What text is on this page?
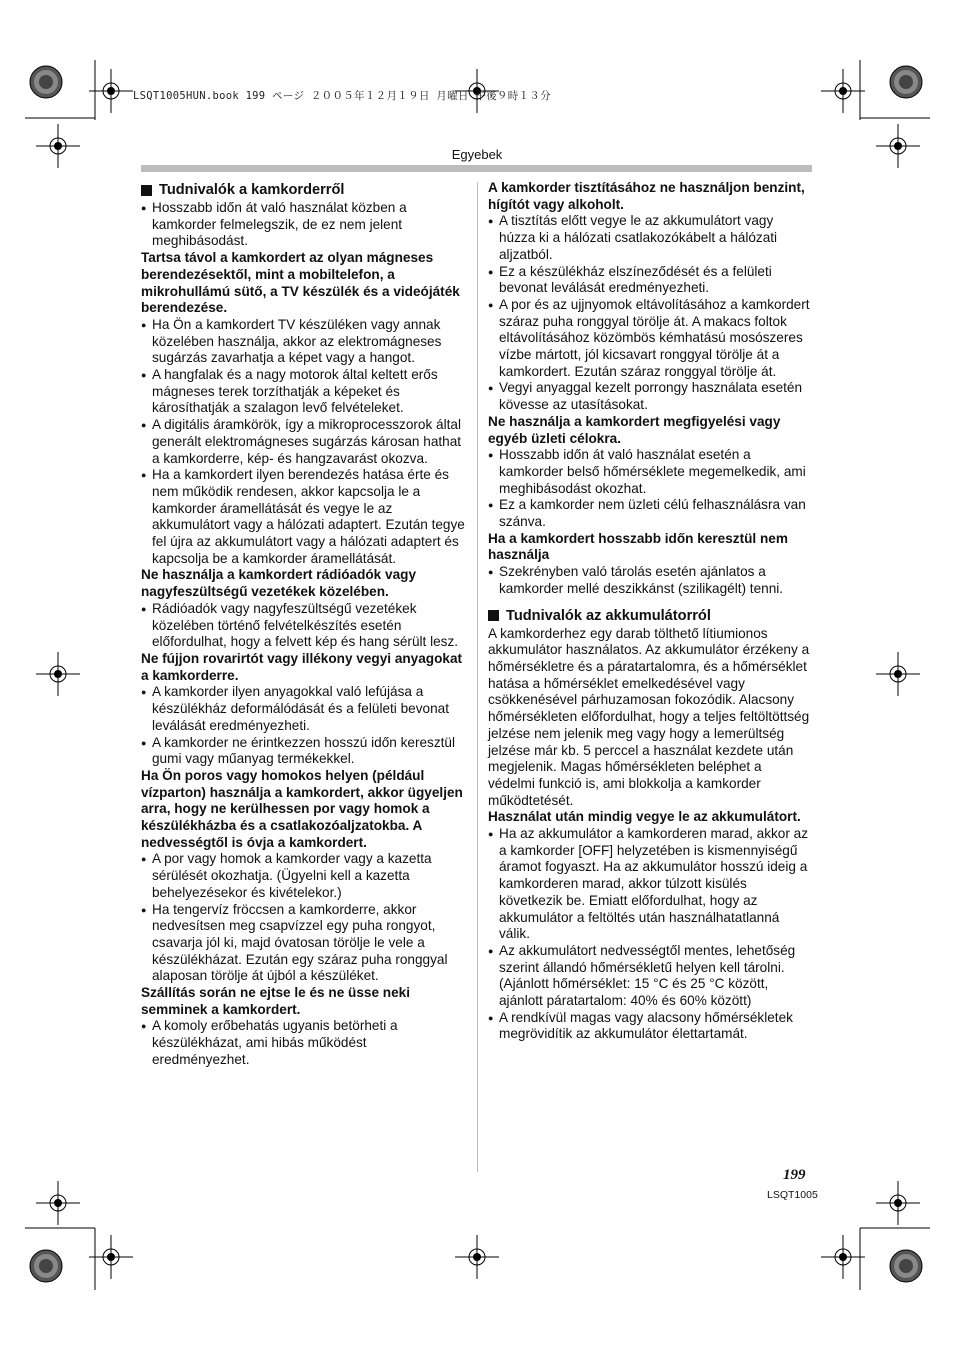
LSQT1005HUN.book 199 ページ ２００５年１２月１９日 月曜日 午後９時１３分
Egyebek
Tudnivalók a kamkorderről
● Hosszabb időn át való használat közben a kamkorder felmelegszik, de ez nem jelent meghibásodást.

Tartsa távol a kamkordert az olyan mágneses berendezésektől, mint a mobiltelefon, a mikrohullámú sütő, a TV készülék és a videójáték berendezése.

● Ha Ön a kamkordert TV készüléken vagy annak közelében használja, akkor az elektromágneses sugárzás zavarhatja a képet vagy a hangot.
● A hangfalak és a nagy motorok által keltett erős mágneses terek torzíthatják a képeket és károsíthatják a szalagon levő felvételeket.
● A digitális áramkörök, így a mikroprocesszorok által generált elektromágneses sugárzás károsan hathat a kamkorderre, kép- és hangzavarást okozva.
● Ha a kamkordert ilyen berendezés hatása érte és nem működik rendesen, akkor kapcsolja le a kamkorder áramellátását és vegye le az akkumulátort vagy a hálózati adaptert. Ezután tegye fel újra az akkumulátort vagy a hálózati adaptert és kapcsolja be a kamkorder áramellátását.

Ne használja a kamkordert rádióadók vagy nagyfeszültségű vezetékek közelében.

● Rádióadók vagy nagyfeszültségű vezetékek közelében történő felvételkészítés esetén előfordulhat, hogy a felvett kép és hang sérült lesz.

Ne fújjon rovarirtót vagy illékony vegyi anyagokat a kamkorderre.

● A kamkorder ilyen anyagokkal való lefújása a készülékház deformálódását és a felületi bevonat leválását eredményezheti.
● A kamkorder ne érintkezzen hosszú időn keresztül gumi vagy műanyag termékekkel.

Ha Ön poros vagy homokos helyen (például vízparton) használja a kamkordert, akkor ügyeljen arra, hogy ne kerülhessen por vagy homok a készülékházba és a csatlakozóaljzatokba. A nedvességtől is óvja a kamkordert.

● A por vagy homok a kamkorder vagy a kazetta sérülését okozhatja. (Ügyelni kell a kazetta behelyezésekor és kivételekor.)
● Ha tengervíz fröccsen a kamkorderre, akkor nedvesítsen meg csapvízzel egy puha rongyot, csavarja jól ki, majd óvatosan törölje le vele a készülékházat. Ezután egy száraz puha ronggyal alaposan törölje át újból a készüléket.

Szállítás során ne ejtse le és ne üsse neki semminek a kamkordert.

● A komoly erőbehatás ugyanis betörheti a készülékházat, ami hibás működést eredményezhet.

A kamkorder tisztításához ne használjon benzint, hígítót vagy alkoholt.

● A tisztítás előtt vegye le az akkumulátort vagy húzza ki a hálózati csatlakozókábelt a hálózati aljzatból.
● Ez a készülékház elszíneződését és a felületi bevonat leválását eredményezheti.
● A por és az ujjnyomok eltávolításához a kamkordert száraz puha ronggyal törölje át. A makacs foltok eltávolításához közömbös kémhatású mosószeres vízbe mártott, jól kicsavart ronggyal törölje át a kamkordert. Ezután száraz ronggyal törölje át.
● Vegyi anyaggal kezelt porrongy használata esetén kövesse az utasításokat.

Ne használja a kamkordert megfigyelési vagy egyéb üzleti célokra.

● Hosszabb időn át való használat esetén a kamkorder belső hőmérséklete megemelkedik, ami meghibásodást okozhat.
● Ez a kamkorder nem üzleti célú felhasználásra van szánva.

Ha a kamkordert hosszabb időn keresztül nem használja

● Szekrényben való tárolás esetén ajánlatos a kamkorder mellé deszikkánst (szilikagélt) tenni.
Tudnivalók az akkumulátorról

A kamkorderhez egy darab tölthető lítiumionos akkumulátor használatos. Az akkumulátor érzékeny a hőmérsékletre és a páratartalomra, és a hőmérséklet hatása a hőmérséklet emelkedésével vagy csökkenésével párhuzamosan fokozódik. Alacsony hőmérsékleten előfordulhat, hogy a teljes feltöltöttség jelzése nem jelenik meg vagy hogy a lemerültség jelzése már kb. 5 perccel a használat kezdete után megjelenik. Magas hőmérsékleten beléphet a védelmi funkció is, ami blokkolja a kamkorder működtetését.

Használat után mindig vegye le az akkumulátort.

● Ha az akkumulátor a kamkorderen marad, akkor az a kamkorder [OFF] helyzetében is kismennyiségű áramot fogyaszt. Ha az akkumulátor hosszú ideig a kamkorderen marad, akkor túlzott kisülés következik be. Emiatt előfordulhat, hogy az akkumulátor a feltöltés után használhatatlanná válik.
● Az akkumulátort nedvességtől mentes, lehetőség szerint állandó hőmérsékletű helyen kell tárolni. (Ajánlott hőmérséklet: 15 °C és 25 °C között, ajánlott páratartalom: 40% és 60% között)
● A rendkívül magas vagy alacsony hőmérsékletek megrövidítik az akkumulátor élettartamát.
199
LSQT1005
